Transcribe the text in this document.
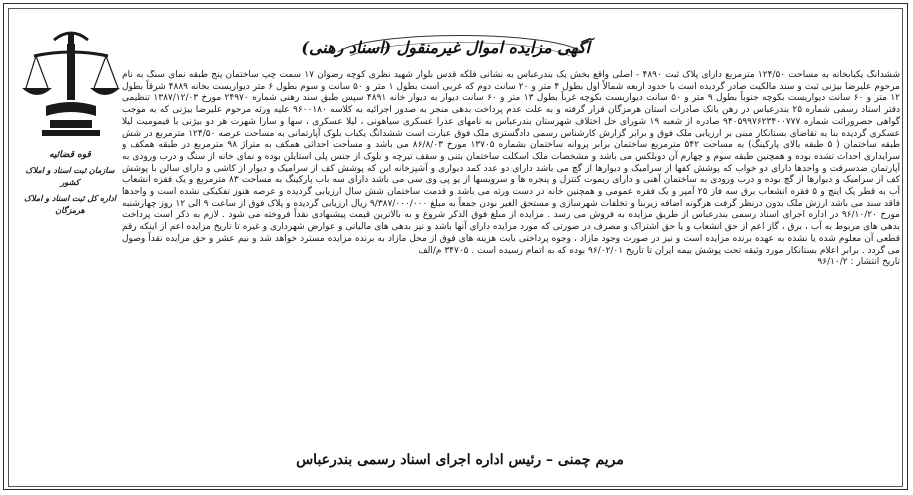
آگهی مزایده اموال غیرمنقول (اسناد رهنی)
قوه قضائیه
سازمان ثبت اسناد و املاک کشور
اداره کل ثبت اسناد و املاک هرمزگان
ششدانگ یکبابخانه به مساحت ۱۲۴/۵۰ مترمربع دارای پلاک ثبت ۴۸۹۰ - اصلی واقع بخش یک بندرعباس به نشانی فلکه قدس بلوار شهید نظری کوچه رضوان ۱۷ سمت چپ ساختمان پنج طبقه نمای سنگ به نام مرحوم علیرضا بیژنی ثبت و سند مالکیت صادر گردیده است با حدود اربعه شمالاً اول بطول ۴ متر و ۲۰ سانت دوم که غربی است بطول ۱ متر و ۵۰ سانت و سوم بطول ۶ متر دیواریست بخانه ۴۸۸۹ شرقاً بطول ۱۲ متر و ۶۰ سانت دیواریست بکوچه جنوباً بطول ۹ متر و ۵۰ سانت دیواریست بکوچه غرباً بطول ۱۳ متر و ۶۰ سانت دیوار به دیوار خانه ۴۸۹۱ سپس طبق سند رهنی شماره ۲۴۹۷۰ مورخ ۱۳۸۷/۱۲/۰۳ تنظیمی دفتر اسناد رسمی شماره ۲۵ بندرعباس در رهن بانک صادرات استان هرمزگان قرار گرفته و به علت عدم پرداخت بدهی منجر به صدور اجرائیه به کلاسه ۹۶۰۰۱۸۰ علیه ورثه مرحوم علیرضا بیژنی که به موجب گواهی حصروراثت شماره ۹۴۰۵۹۹۷۶۲۳۴۰۰۷۷۷ صادره از شعبه ۱۹ شورای حل اختلاف شهرستان بندرعباس به نامهای عذرا عسکری سیاهونی ، لیلا عسکری ، سها و سارا شهرت هر دو بیژنی با قیمومیت لیلا عسکری گردیده بنا به تقاضای بستانکار مبنی بر ارزیابی ملک فوق و برابر گزارش کارشناس رسمی دادگستری ملک فوق عبارت است ششدانگ یکباب بلوک آپارتمانی به مساحت عرصه ۱۲۴/۵۰ مترمربع در شش طبقه ساختمان ( ۵ طبقه بالای پارکینگ) به مساحت ۵۴۲ مترمربع ساختمان برابر پروانه ساختمان بشماره ۱۳۷۰۵ مورخ ۸۶/۸/۰۳ می باشد و مساحت احداثی همکف به متراژ ۹۸ مترمربع در طبقه همکف و سرایداری احداث نشده بوده و همچنین طبقه سوم و چهارم آن دوبلکس می باشد و مشخصات ملک اسکلت ساختمان بتنی و سقف تیرچه و بلوک از جنس پلی استایلن بوده و نمای خانه از سنگ و درب ورودی به آپارتمان ضدسرقت و واحدها دارای دو خواب که پوشش کفها از سرامیک و دیوارها از گچ می باشد دارای دو عدد کمد دیواری و آشپزخانه این که پوشش کف از سرامیک و دیوار از کاشی و دارای سالن با پوشش کف از سرامیک و دیوارها از گچ بوده و درب ورودی به ساختمان آهنی و دارای ریموت کنترل و پنجره ها و سرویسها از یو پی وی سی می باشد دارای سه باب پارکینگ به مساحت ۸۳ مترمربع و یک فقره انشعاب آب به قطر یک اینچ و ۵ فقره انشعاب برق سه فاز ۲۵ آمپر و یک فقره عمومی و همچنین خانه در دست ورثه می باشد و قدمت ساختمان شش سال ارزیابی گردیده و عرصه هنوز تفکیکی نشده است و واحدها فاقد سند می باشد ارزش ملک بدون درنظر گرفت هرگونه اضافه زیربنا و تخلفات شهرسازی و مستحق الغیر بودن جمعاً به مبلغ ۹/۳۸۷/۰۰۰/۰۰۰ ریال ارزیابی گردیده و پلاک فوق از ساعت ۹ الی ۱۲ روز چهارشنبه مورخ ۹۶/۱۰/۲۰ در اداره اجرای اسناد رسمی بندرعباس از طریق مزایده به فروش می رسد . مزایده از مبلغ فوق الذکر شروع و به بالاترین قیمت پیشنهادی نقداً فروخته می شود . لازم به ذکر است پرداخت بدهی های مربوط به آب ، برق ، گاز اعم از حق انشعاب و یا حق اشتراک و مصرف در صورتی که مورد مزایده دارای آنها باشد و نیز بدهی های مالیاتی و عوارض شهرداری و غیره تا تاریخ مزایده اعم از اینکه رقم قطعی آن معلوم شده یا نشده به عهده برنده مزایده است و نیز در صورت وجود مازاد ، وجوه پرداختی بابت هزینه های فوق از محل مازاد به برنده مزایده مسترد خواهد شد و نیم عشر و حق مزایده نقداً وصول می گردد . برابر اعلام بستانکار مورد وثیقه تحت پوشش بیمه ایران تا تاریخ ۹۶/۰۲/۰۱ بوده که به اتمام رسیده است . ۳۴۷۰۵ م/الف
تاریخ انتشار : ۹۶/۱۰/۲
مریم چمنی – رئیس اداره اجرای اسناد رسمی بندرعباس
